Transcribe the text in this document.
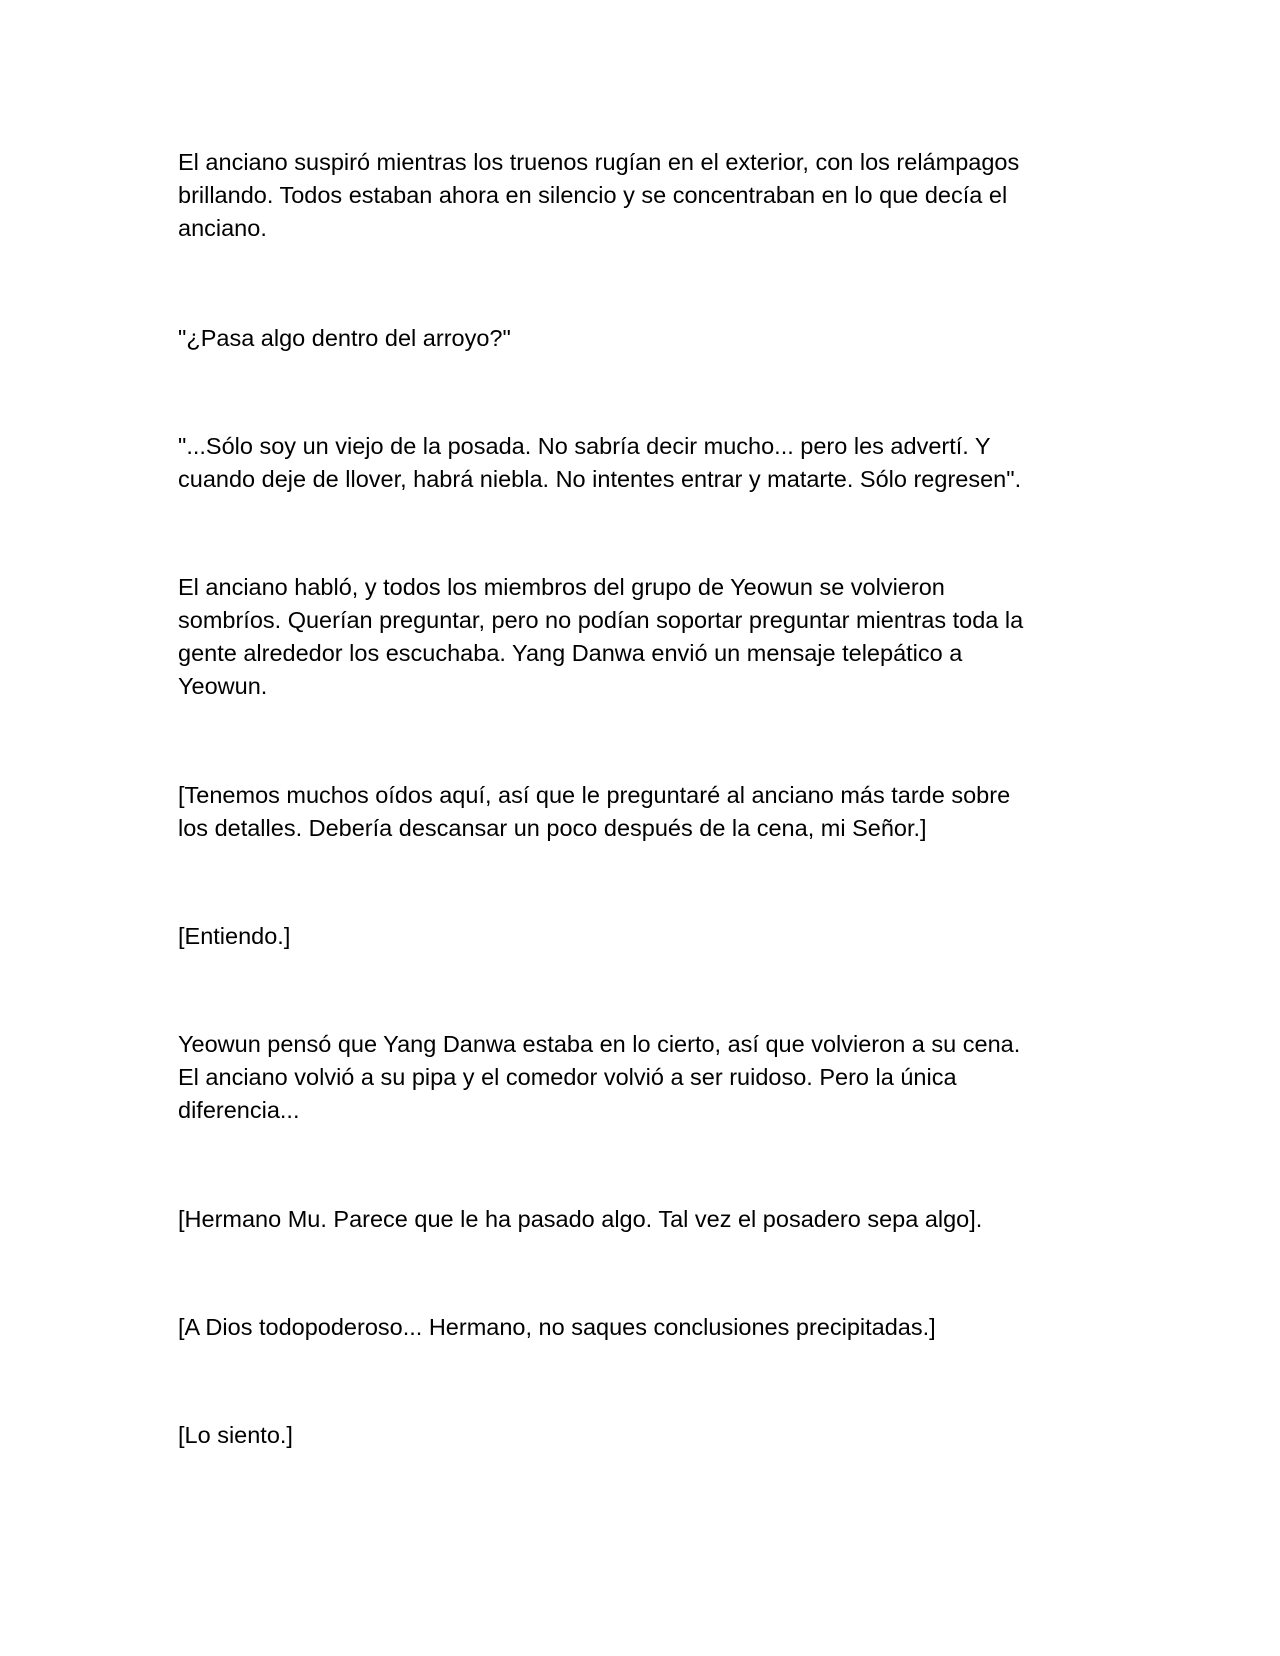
El anciano suspiró mientras los truenos rugían en el exterior, con los relámpagos
brillando. Todos estaban ahora en silencio y se concentraban en lo que decía el
anciano.

"¿Pasa algo dentro del arroyo?"

"...Sólo soy un viejo de la posada. No sabría decir mucho... pero les advertí. Y
cuando deje de llover, habrá niebla. No intentes entrar y matarte. Sólo regresen".

El anciano habló, y todos los miembros del grupo de Yeowun se volvieron
sombríos. Querían preguntar, pero no podían soportar preguntar mientras toda la
gente alrededor los escuchaba. Yang Danwa envió un mensaje telepático a
Yeowun.

[Tenemos muchos oídos aquí, así que le preguntaré al anciano más tarde sobre
los detalles. Debería descansar un poco después de la cena, mi Señor.]

[Entiendo.]

Yeowun pensó que Yang Danwa estaba en lo cierto, así que volvieron a su cena.
El anciano volvió a su pipa y el comedor volvió a ser ruidoso. Pero la única
diferencia...

[Hermano Mu. Parece que le ha pasado algo. Tal vez el posadero sepa algo].

[A Dios todopoderoso... Hermano, no saques conclusiones precipitadas.]

[Lo siento.]
